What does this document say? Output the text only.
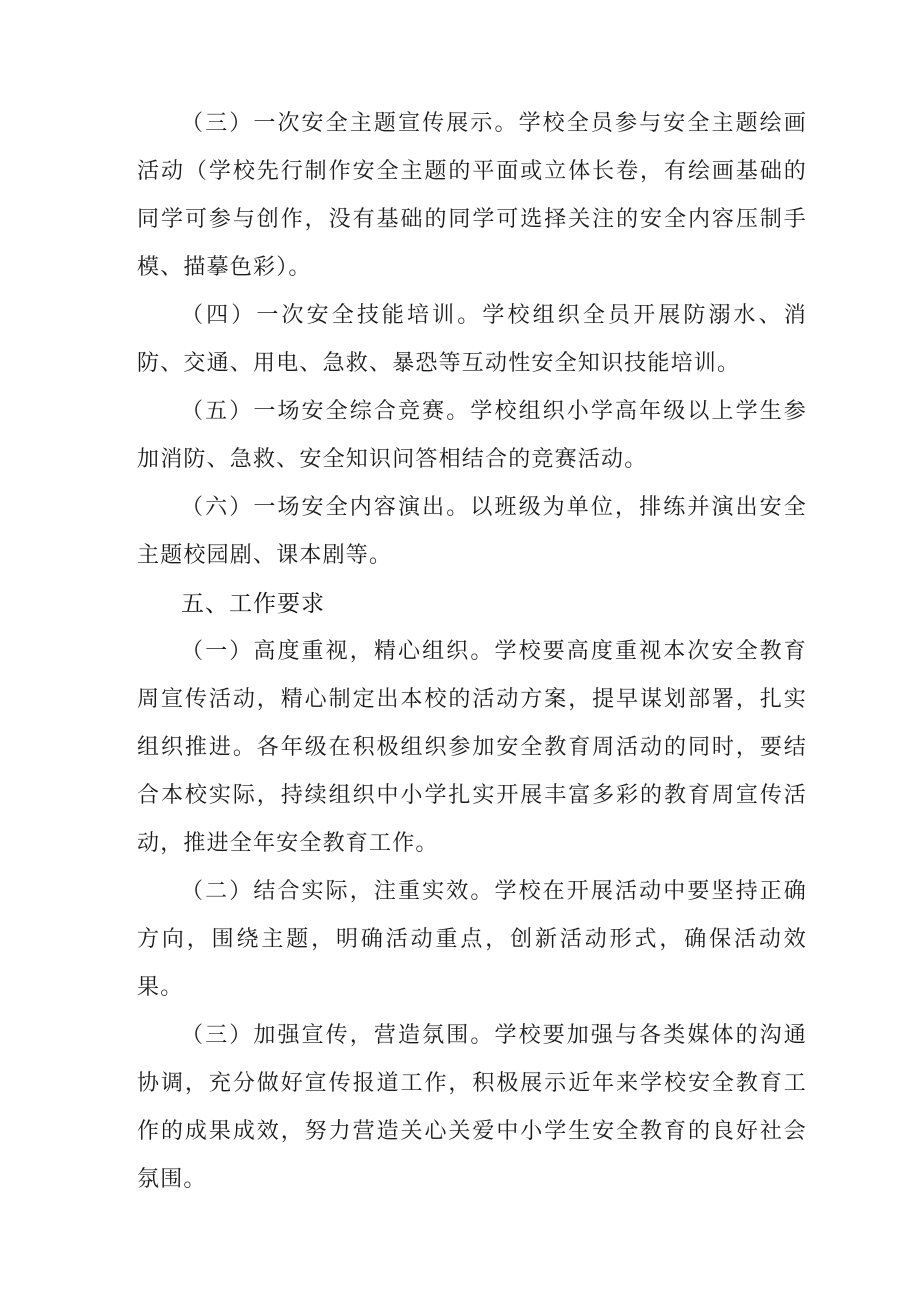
（三）一次安全主题宣传展示。学校全员参与安全主题绘画活动（学校先行制作安全主题的平面或立体长卷，有绘画基础的同学可参与创作，没有基础的同学可选择关注的安全内容压制手模、描摹色彩）。

（四）一次安全技能培训。学校组织全员开展防溺水、消防、交通、用电、急救、暴恐等互动性安全知识技能培训。

（五）一场安全综合竞赛。学校组织小学高年级以上学生参加消防、急救、安全知识问答相结合的竞赛活动。

（六）一场安全内容演出。以班级为单位，排练并演出安全主题校园剧、课本剧等。

五、工作要求

（一）高度重视，精心组织。学校要高度重视本次安全教育周宣传活动，精心制定出本校的活动方案，提早谋划部署，扎实组织推进。各年级在积极组织参加安全教育周活动的同时，要结合本校实际，持续组织中小学扎实开展丰富多彩的教育周宣传活动，推进全年安全教育工作。

（二）结合实际，注重实效。学校在开展活动中要坚持正确方向，围绕主题，明确活动重点，创新活动形式，确保活动效果。

（三）加强宣传，营造氛围。学校要加强与各类媒体的沟通协调，充分做好宣传报道工作，积极展示近年来学校安全教育工作的成果成效，努力营造关心关爱中小学生安全教育的良好社会氛围。
